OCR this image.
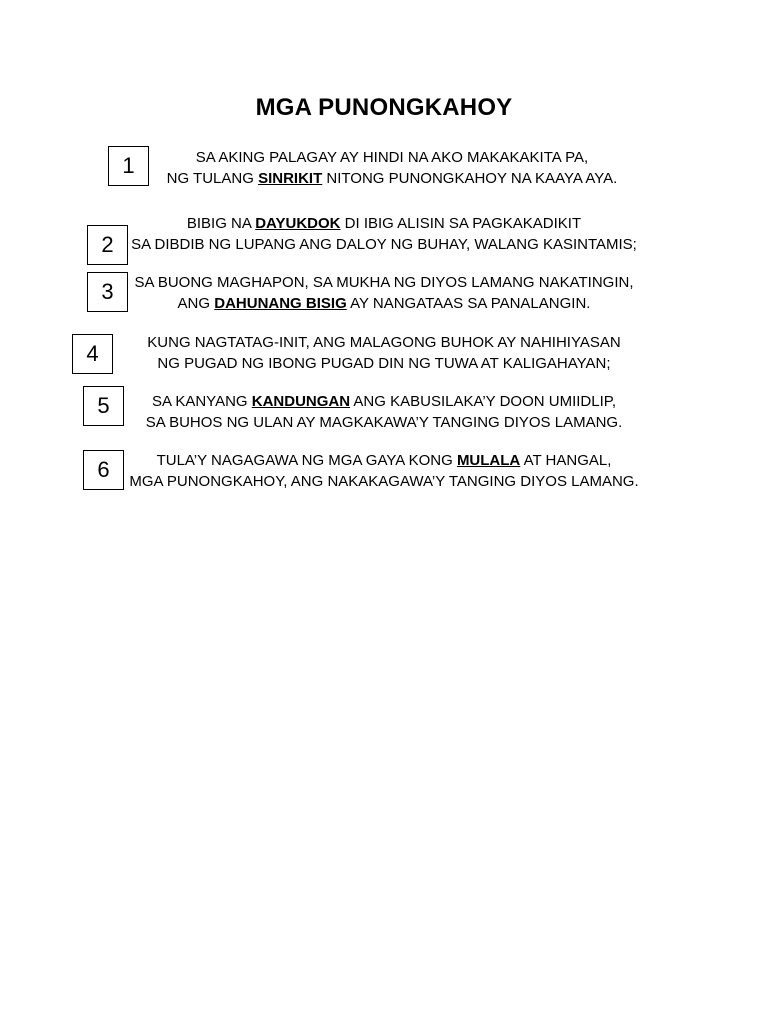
MGA PUNONGKAHOY
1	SA AKING PALAGAY AY HINDI NA AKO MAKAKAKITA PA,
NG TULANG SINRIKIT NITONG PUNONGKAHOY NA KAAYA AYA.
2
BIBIG NA DAYUKDOK DI IBIG ALISIN SA PAGKAKADIKIT
SA DIBDIB NG LUPANG ANG DALOY NG BUHAY, WALANG KASINTAMIS;
3	SA BUONG MAGHAPON, SA MUKHA NG DIYOS LAMANG NAKATINGIN,
ANG DAHUNANG BISIG AY NANGATAAS SA PANALANGIN.
4	KUNG NAGTATAG-INIT, ANG MALAGONG BUHOK AY NAHIHIYASAN
NG PUGAD NG IBONG PUGAD DIN NG TUWA AT KALIGAHAYAN;
5	SA KANYANG KANDUNGAN ANG KABUSILAKA’Y DOON UMIIDLIP,
SA BUHOS NG ULAN AY MAGKAKAWA’Y TANGING DIYOS LAMANG.
6	TULA’Y NAGAGAWA NG MGA GAYA KONG MULALA AT HANGAL,
MGA PUNONGKAHOY, ANG NAKAKAGAWA’Y TANGING DIYOS LAMANG.
